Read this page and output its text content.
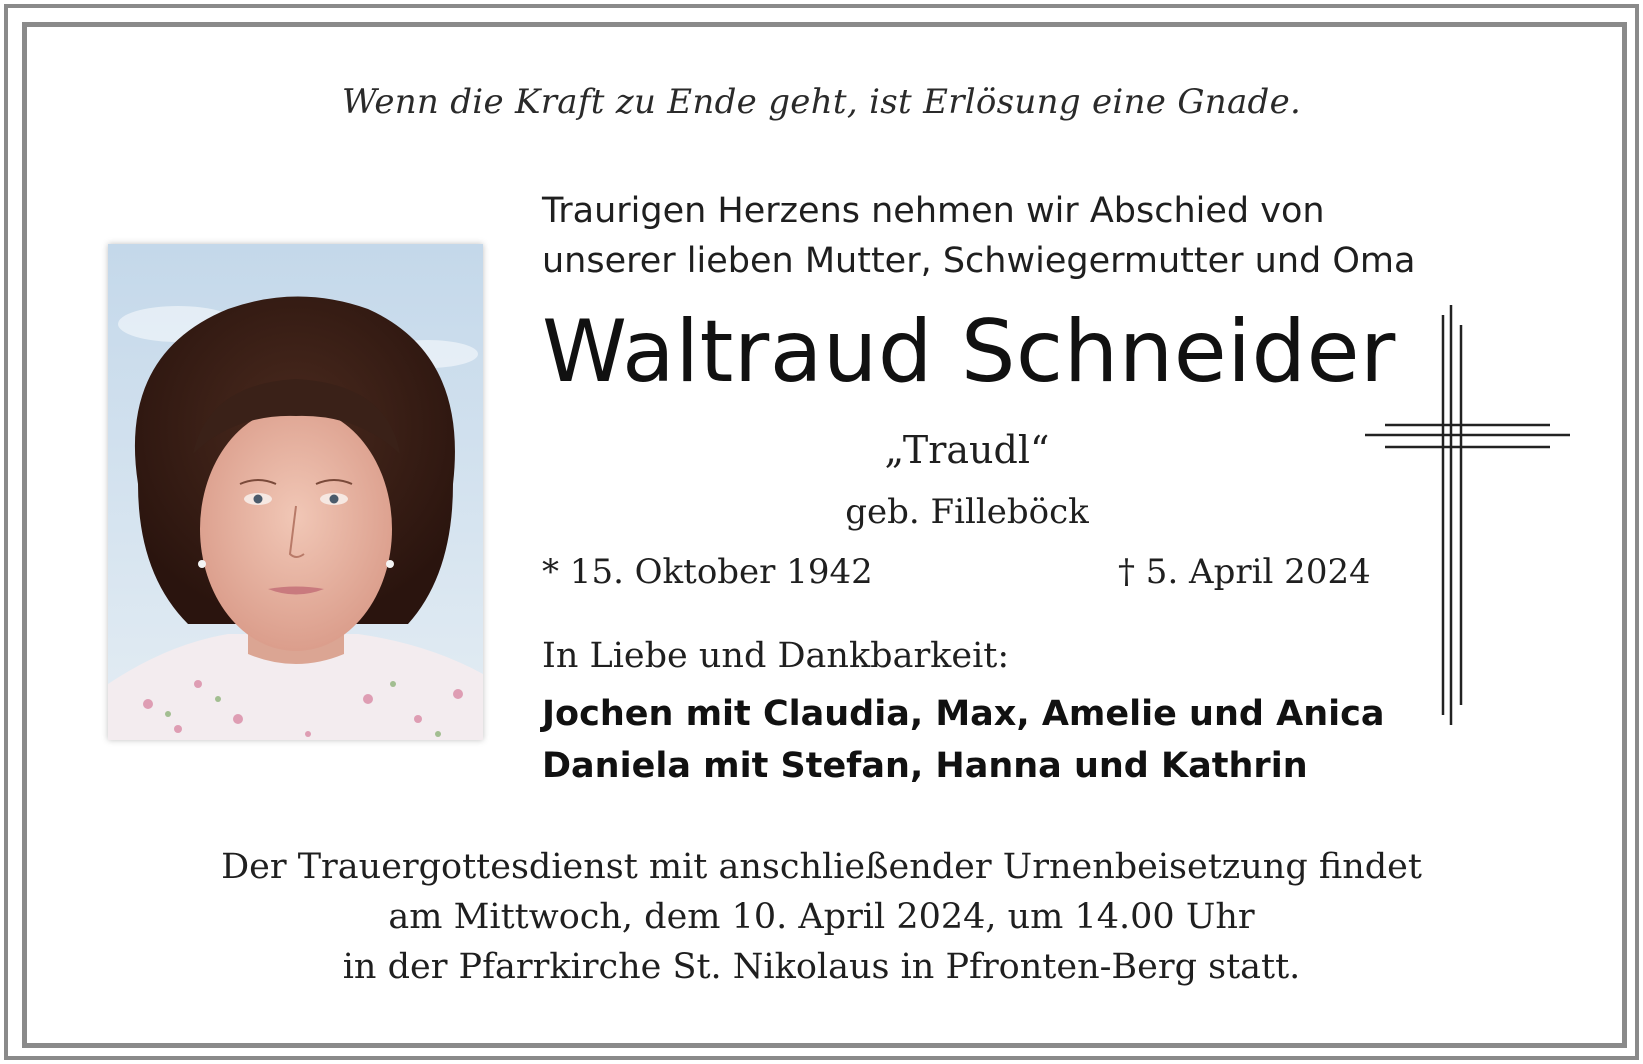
Wenn die Kraft zu Ende geht, ist Erlösung eine Gnade.
Traurigen Herzens nehmen wir Abschied von
unserer lieben Mutter, Schwiegermutter und Oma
Waltraud Schneider
„Traudl“
geb. Filleböck
* 15. Oktober 1942	† 5. April 2024
In Liebe und Dankbarkeit:
Jochen mit Claudia, Max, Amelie und Anica
Daniela mit Stefan, Hanna und Kathrin
Der Trauergottesdienst mit anschließender Urnenbeisetzung findet
am Mittwoch, dem 10. April 2024, um 14.00 Uhr
in der Pfarrkirche St. Nikolaus in Pfronten-Berg statt.
